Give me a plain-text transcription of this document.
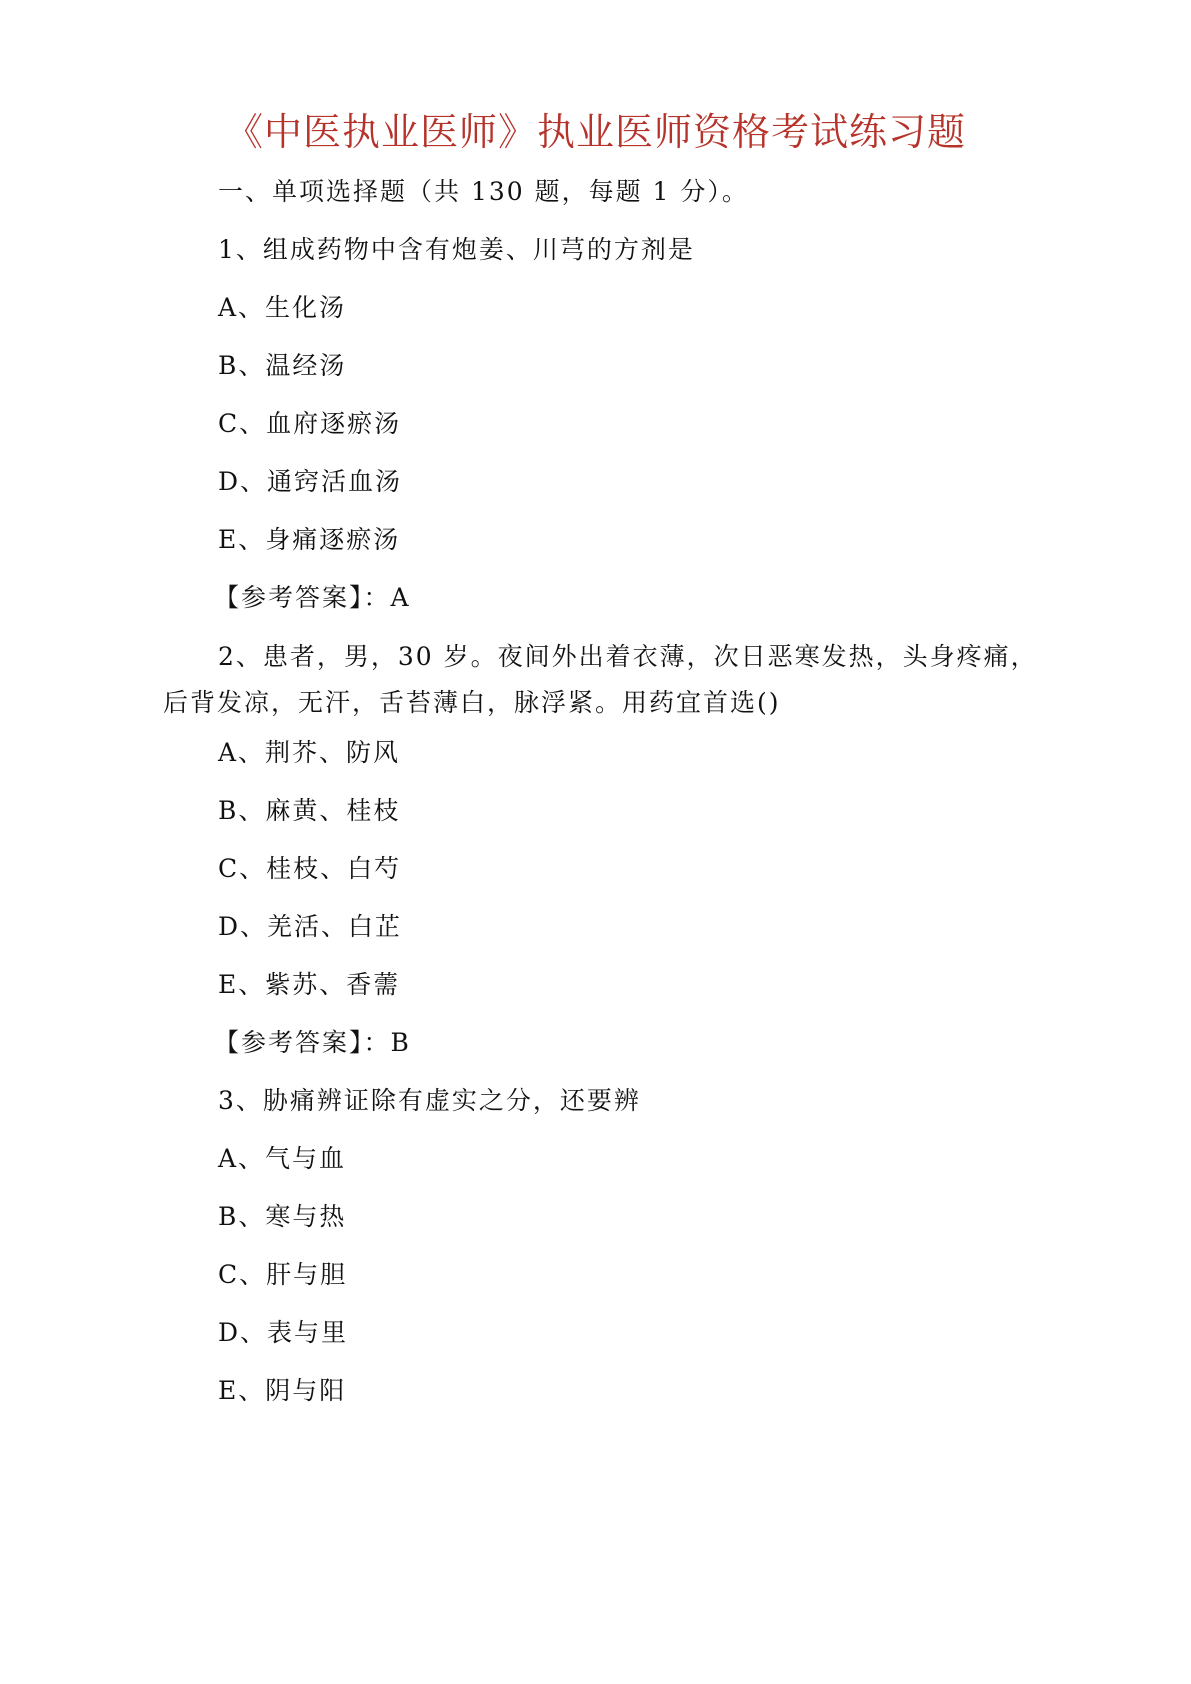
《中医执业医师》执业医师资格考试练习题
一、单项选择题（共 130 题，每题 1 分）。
1、组成药物中含有炮姜、川芎的方剂是
A、生化汤
B、温经汤
C、血府逐瘀汤
D、通窍活血汤
E、身痛逐瘀汤
【参考答案】：A
2、患者，男，30 岁。夜间外出着衣薄，次日恶寒发热，头身疼痛，
后背发凉，无汗，舌苔薄白，脉浮紧。用药宜首选()
A、荆芥、防风
B、麻黄、桂枝
C、桂枝、白芍
D、羌活、白芷
E、紫苏、香薷
【参考答案】：B
3、胁痛辨证除有虚实之分，还要辨
A、气与血
B、寒与热
C、肝与胆
D、表与里
E、阴与阳
